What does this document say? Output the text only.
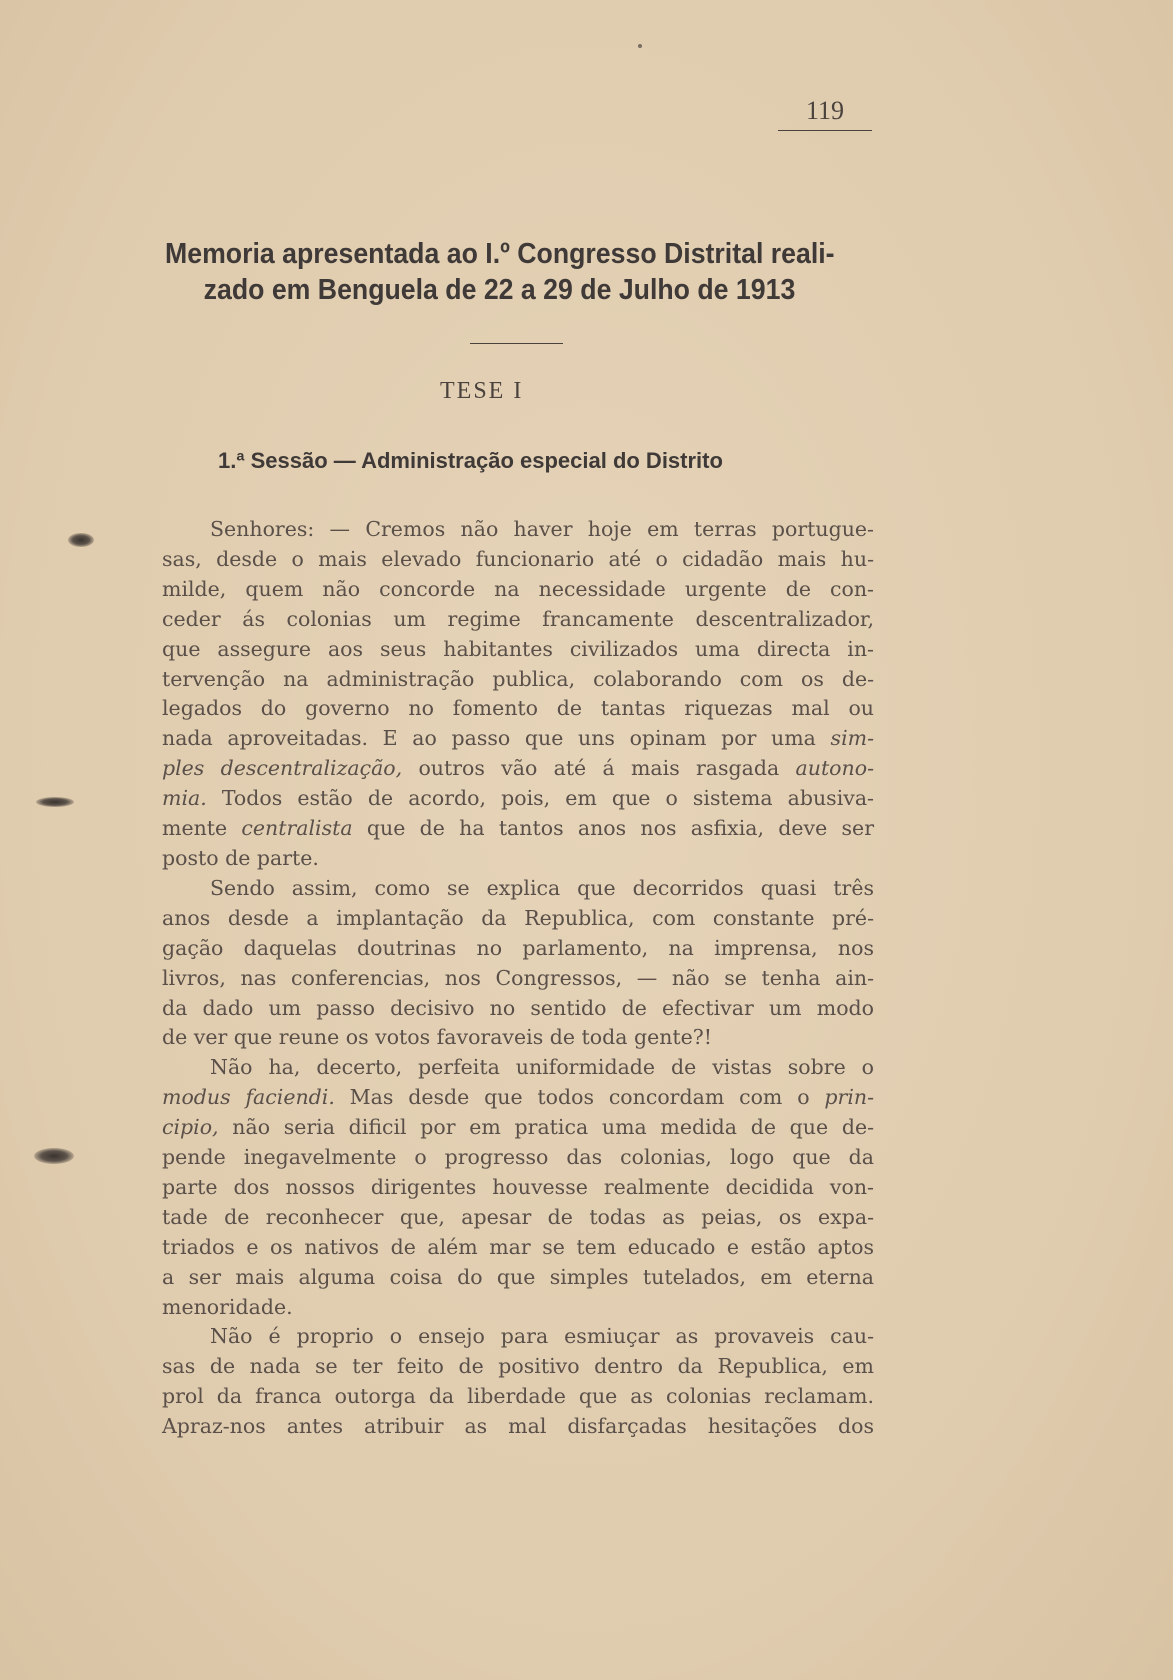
119
Memoria apresentada ao I.º Congresso Distrital reali-
zado em Benguela de 22 a 29 de Julho de 1913
TESE I
1.ª Sessão — Administração especial do Distrito
Senhores: — Cremos não haver hoje em terras portugue-
sas, desde o mais elevado funcionario até o cidadão mais hu-
milde, quem não concorde na necessidade urgente de con-
ceder ás colonias um regime francamente descentralizador,
que assegure aos seus habitantes civilizados uma directa in-
tervenção na administração publica, colaborando com os de-
legados do governo no fomento de tantas riquezas mal ou
nada aproveitadas. E ao passo que uns opinam por uma sim-
ples descentralização, outros vão até á mais rasgada autono-
mia. Todos estão de acordo, pois, em que o sistema abusiva-
mente centralista que de ha tantos anos nos asfixia, deve ser
posto de parte.
Sendo assim, como se explica que decorridos quasi três
anos desde a implantação da Republica, com constante pré-
gação daquelas doutrinas no parlamento, na imprensa, nos
livros, nas conferencias, nos Congressos, — não se tenha ain-
da dado um passo decisivo no sentido de efectivar um modo
de ver que reune os votos favoraveis de toda gente?!
Não ha, decerto, perfeita uniformidade de vistas sobre o
modus faciendi. Mas desde que todos concordam com o prin-
cipio, não seria dificil por em pratica uma medida de que de-
pende inegavelmente o progresso das colonias, logo que da
parte dos nossos dirigentes houvesse realmente decidida von-
tade de reconhecer que, apesar de todas as peias, os expa-
triados e os nativos de além mar se tem educado e estão aptos
a ser mais alguma coisa do que simples tutelados, em eterna
menoridade.
Não é proprio o ensejo para esmiuçar as provaveis cau-
sas de nada se ter feito de positivo dentro da Republica, em
prol da franca outorga da liberdade que as colonias reclamam.
Apraz-nos antes atribuir as mal disfarçadas hesitações dos
